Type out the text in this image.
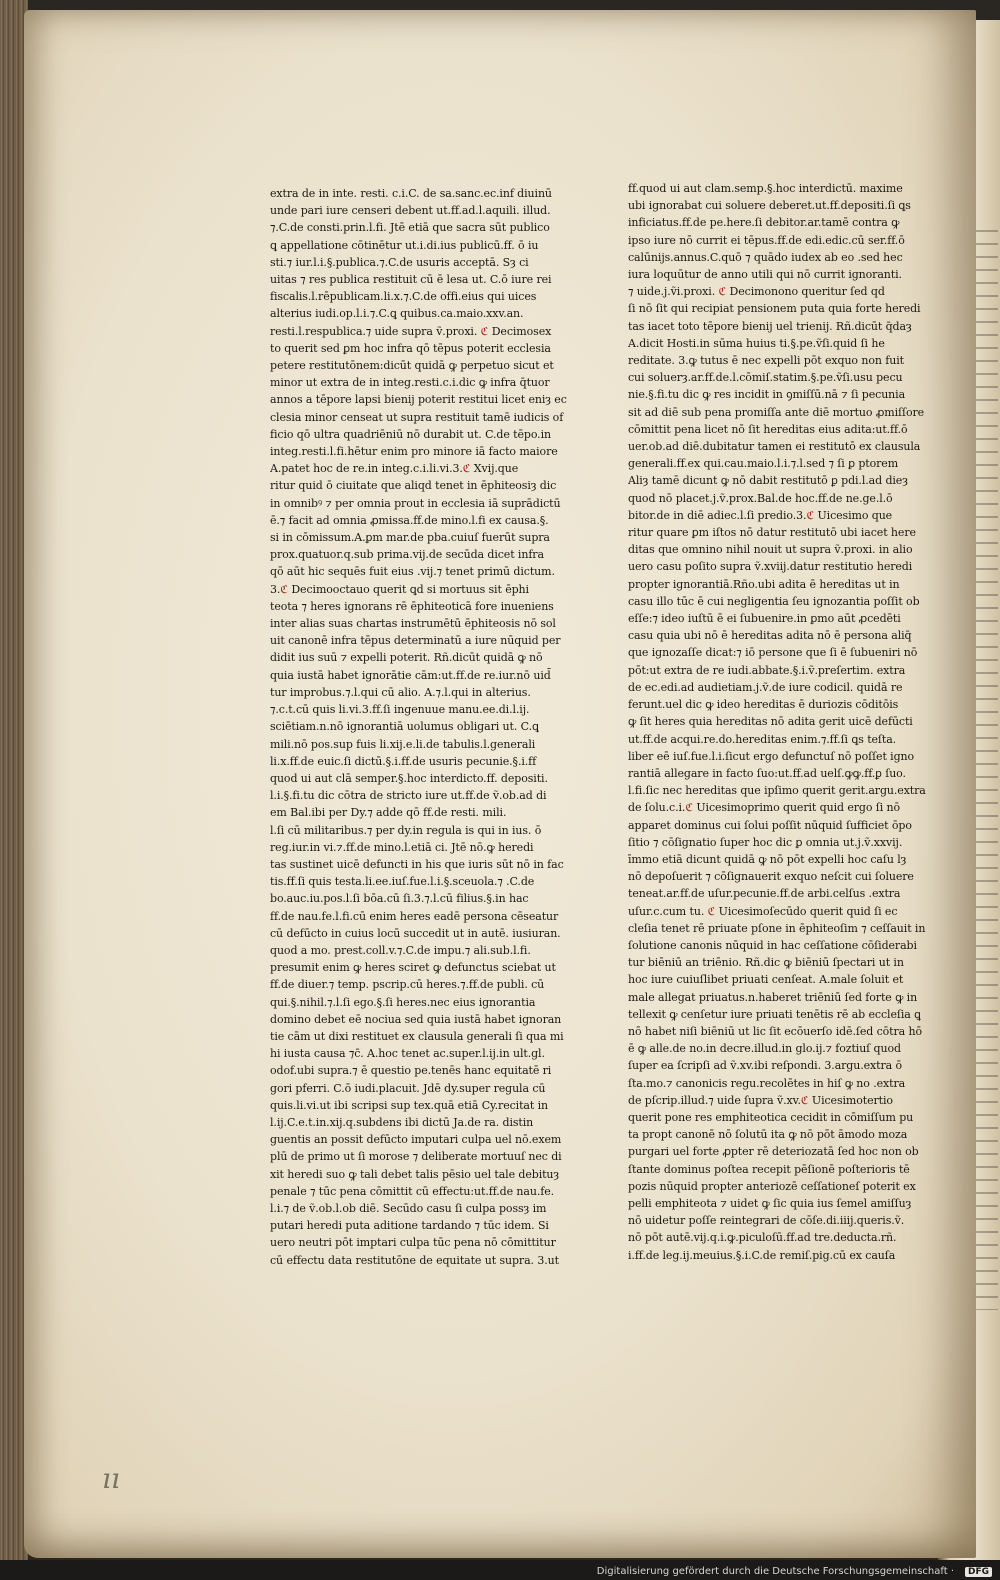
extra de in inte. resti. c.i.C. de sa.sanc.ec.inf diuinū
unde pari iure censeri debent ut.ff.ad.l.aquili. illud.
⁊.C.de consti.prin.l.fi. Jtē etiā que sacra sūt publico
ꝗ appellatione cōtinētur ut.i.di.ius publicū.ff. ō iu
sti.⁊ iur.l.i.§.publica.⁊.C.de usuris acceptā. Sȝ ci
uitas ⁊ res publica restituit cū ē lesa ut. C.ō iure rei
fiscalis.l.rēpublicam.li.x.⁊.C.de offi.eius qui uices
alterius iudi.op.l.i.⁊.C.ꝗ quibus.ca.maio.xxv.an.
resti.l.respublica.⁊ uide supra ṽ.proxi. ℭ Decimosex
to querit sed ꝑm hoc infra qō tēpus poterit ecclesia
petere restitutōnem:dicūt quidā ꝙ perpetuo sicut et
minor ut extra de in integ.resti.c.i.dic ꝙ infra q̄tuor
annos a tēpore lapsi bienij poterit restitui licet eniȝ ec
clesia minor censeat ut supra restituit tamē iudicis of
ficio qō ultra quadriēniū nō durabit ut. C.de tēpo.in
integ.resti.l.fi.hētur enim pro minore iā facto maiore
A.patet hoc de re.in integ.c.i.li.vi.3.ℭ Xvij.que
ritur quid ō ciuitate que aliqd tenet in ēphiteosiȝ dic
in omnibꝰ ⁊ per omnia prout in ecclesia iā suprādictū
ē.⁊ facit ad omnia ꝓmissa.ff.de mino.l.fi ex causa.§.
si in cōmissum.A.ꝑm mar.de pba.cuiuſ fuerūt supra
prox.quatuor.q.sub prima.vij.de secūda dicet infra
qō aūt hic sequēs fuit eius .vij.⁊ tenet primū dictum.
3.ℭ Decimooctauo querit ꝗd si mortuus sit ēphi
teota ⁊ heres ignorans rē ēphiteoticā fore inueniens
inter alias suas chartas instrumētū ēphiteosis nō sol
uit canonē infra tēpus determinatū a iure nūquid per
didit ius suū ⁊ expelli poterit. Rñ.dicūt quidā ꝙ nō
quia iustā habet ignorātie cām:ut.ff.de re.iur.nō uid̄
tur improbus.⁊.l.qui cū alio. A.⁊.l.qui in alterius.
⁊.c.t.cū quis li.vi.3.ff.ſi ingenuue manu.ee.di.l.ij.
sciētiam.n.nō ignorantiā uolumus obligari ut. C.ꝗ
mili.nō pos.sup fuis li.xij.e.li.de tabulis.l.generali
li.x.ff.de euic.ſi dictū.§.i.ff.de usuris pecunie.§.i.ff
quod ui aut clā semper.§.hoc interdicto.ff. depositi.
l.i.§.fi.tu dic cōtra de stricto iure ut.ff.de ṽ.ob.ad di
em Bal.ibi per Dy.⁊ adde qō ff.de resti. mili.
l.ſi cū militaribus.⁊ per dy.in regula is qui in ius. ō
reg.iur.in vi.⁊.ff.de mino.l.etiā ci. Jtē nō.ꝙ heredi
tas sustinet uicē defuncti in his que iuris sūt nō in fac
tis.ff.ſi quis testa.li.ee.iuſ.fue.l.i.§.sceuola.⁊ .C.de
bo.auc.iu.pos.l.ſi bōa.cū ſi.3.⁊.l.cū filius.§.in hac
ff.de nau.fe.l.fi.cū enim heres eadē persona cēseatur
cū defūcto in cuius locū succedit ut in autē. iusiuran.
quod a mo. prest.coll.v.⁊.C.de impu.⁊ ali.sub.l.fi.
presumit enim ꝙ heres sciret ꝙ defunctus sciebat ut
ff.de diuer.⁊ temp. pscrip.cū heres.⁊.ff.de publi. cū
qui.§.nihil.⁊.l.ſi ego.§.ſi heres.nec eius ignorantia
domino debet eē nociua sed quia iustā habet ignoran
tie cām ut dixi restituet ex clausula generali ſi qua mi
hi iusta causa ⁊c̄. A.hoc tenet ac.super.l.ij.in ult.gl.
odof.ubi supra.⁊ ē questio pe.tenēs hanc equitatē ri
gori pferri. C.ō iudi.placuit. Jdē dy.super regula cū
quis.li.vi.ut ibi scripsi sup tex.quā etiā Cy.recitat in
l.ij.C.e.t.in.xij.q.subdens ibi dictū Ja.de ra. distin
guentis an possit defūcto imputari culpa uel nō.exem
plū de primo ut ſi morose ⁊ deliberate mortuuſ nec di
xit heredi suo ꝙ tali debet talis pēsio uel tale debituȝ
penale ⁊ tūc pena cōmittit cū effectu:ut.ff.de nau.fe.
l.i.⁊ de ṽ.ob.l.ob diē. Secūdo casu ſi culpa possȝ im
putari heredi puta aditione tardando ⁊ tūc idem. Si
uero neutri pōt imptari culpa tūc pena nō cōmittitur
cū effectu data restitutōne de equitate ut supra. 3.ut
ff.quod ui aut clam.semp.§.hoc interdictū. maxime
ubi ignorabat cui soluere deberet.ut.ff.depositi.ſi ꝗs
inficiatus.ff.de pe.here.ſi debitor.ar.tamē contra ꝙ
ipso iure nō currit ei tēpus.ff.de edi.edic.cū ser.ff.ō
calūnijs.annus.C.quō ⁊ quādo iudex ab eo .sed hec
iura loquūtur de anno utili qui nō currit ignoranti.
⁊ uide.j.ṽi.proxi. ℭ Decimonono queritur ſed qd
ſi nō ſit qui recipiat pensionem puta quia forte heredi
tas iacet toto tēpore bienij uel trienij. Rñ.dicūt q̄daȝ
A.dicit Hosti.in sūma huius ti.§.pe.ṽſi.quid ſi he
reditate. 3.ꝙ tutus ē nec expelli pōt exquo non fuit
cui soluerȝ.ar.ff.de.l.cōmiſ.statim.§.pe.ṽſi.usu pecu
nie.§.fi.tu dic ꝙ res incidit in ꝯmiſſū.nā ⁊ ſi pecunia
sit ad diē sub pena promiſſa ante diē mortuo ꝓmiſſore
cōmittit pena licet nō ſit hereditas eius adita:ut.ff.ō
uer.ob.ad diē.dubitatur tamen ei restitutō ex clausula
generali.ff.ex qui.cau.maio.l.i.⁊.l.sed ⁊ ſi ꝑ ptorem
Aliȝ tamē dicunt ꝙ nō dabit restitutō ꝑ pdi.l.ad dieȝ
quod nō placet.j.ṽ.prox.Bal.de hoc.ff.de ne.ge.l.ō
bitor.de in diē adiec.l.ſi predio.3.ℭ Uicesimo que
ritur quare ꝑm iſtos nō datur restitutō ubi iacet here
ditas que omnino nihil nouit ut supra ṽ.proxi. in alio
uero casu poſito supra ṽ.xviij.datur restitutio heredi
propter ignorantiā.Rño.ubi adita ē hereditas ut in
casu illo tūc ē cui negligentia ſeu ignozantia poſſit ob
eſſe:⁊ ideo iuſtū ē ei ſubuenire.in ꝑmo aūt ꝓcedēti
casu quia ubi nō ē hereditas adita nō ē persona aliq̄
que ignozaſſe dicat:⁊ iō persone que ſi ē ſubueniri nō
pōt:ut extra de re iudi.abbate.§.i.ṽ.preſertim. extra
de ec.edi.ad audietiam.j.ṽ.de iure codicil. quidā re
ferunt.uel dic ꝙ ideo hereditas ē duriozis cōditōis
ꝙ ſit heres quia hereditas nō adita gerit uicē defūcti
ut.ff.de acqui.re.do.hereditas enim.⁊.ff.ſi ꝗs teſta.
liber eē iuſ.fue.l.i.ſicut ergo defunctuſ nō poſſet igno
rantiā allegare in facto ſuo:ut.ff.ad uelſ.ꝙꝙ.ff.ꝑ ſuo.
l.fi.ſic nec hereditas que ipſimo querit gerit.argu.extra
de ſolu.c.i.ℭ Uicesimoprimo querit quid ergo ſi nō
apparet dominus cui ſolui poſſit nūquid ſufficiet ōpo
ſitio ⁊ cōſignatio ſuper hoc dic ꝑ omnia ut.j.ṽ.xxvij.
īmmo etiā dicunt quidā ꝙ nō pōt expelli hoc caſu lȝ
nō depoſuerit ⁊ cōſignauerit exquo neſcit cui ſoluere
teneat.ar.ff.de uſur.pecunie.ff.de arbi.celſus .extra
uſur.c.cum tu. ℭ Uicesimoſecūdo querit quid ſi ec
cleſia tenet rē priuate pſone in ēphiteoſim ⁊ ceſſauit in
ſolutione canonis nūquid in hac ceſſatione cōſiderabi
tur biēniū an triēnio. Rñ.dic ꝙ biēniū ſpectari ut in
hoc iure cuiuſlibet priuati cenſeat. A.male ſoluit et
male allegat priuatus.n.haberet triēniū ſed forte ꝙ in
tellexit ꝙ cenſetur iure priuati tenētis rē ab eccleſia ꝗ
nō habet niſi biēniū ut lic ſit ecōuerſo idē.ſed cōtra hō
ē ꝙ alle.de no.in decre.illud.in glo.ij.⁊ foztiuſ quod
ſuper ea ſcripſi ad ṽ.xv.ibi reſpondi. 3.argu.extra ō
ſta.mo.⁊ canonicis regu.recolētes in hiſ ꝙ no .extra
de pſcrip.illud.⁊ uide ſupra ṽ.xv.ℭ Uicesimotertio
querit pone res emphiteotica cecidit in cōmiſſum pu
ta propt canonē nō ſolutū ita ꝙ nō pōt āmodo moza
purgari uel forte ꝓpter rē deteriozatā ſed hoc non ob
ſtante dominus poſtea recepit pēſionē poſterioris tē
pozis nūquid propter anteriozē ceſſationeſ poterit ex
pelli emphiteota ⁊ uidet ꝙ ſic quia ius ſemel amiſſuȝ
nō uidetur poſſe reintegrari de cōſe.di.iiij.queris.ṽ.
nō pōt autē.vij.q.i.ꝙ.piculoſū.ff.ad tre.deducta.rñ.
i.ff.de leg.ij.meuius.§.i.C.de remiſ.pig.cū ex cauſa
ıı
Digitalisierung gefördert durch die Deutsche Forschungsgemeinschaft ·	DFG
